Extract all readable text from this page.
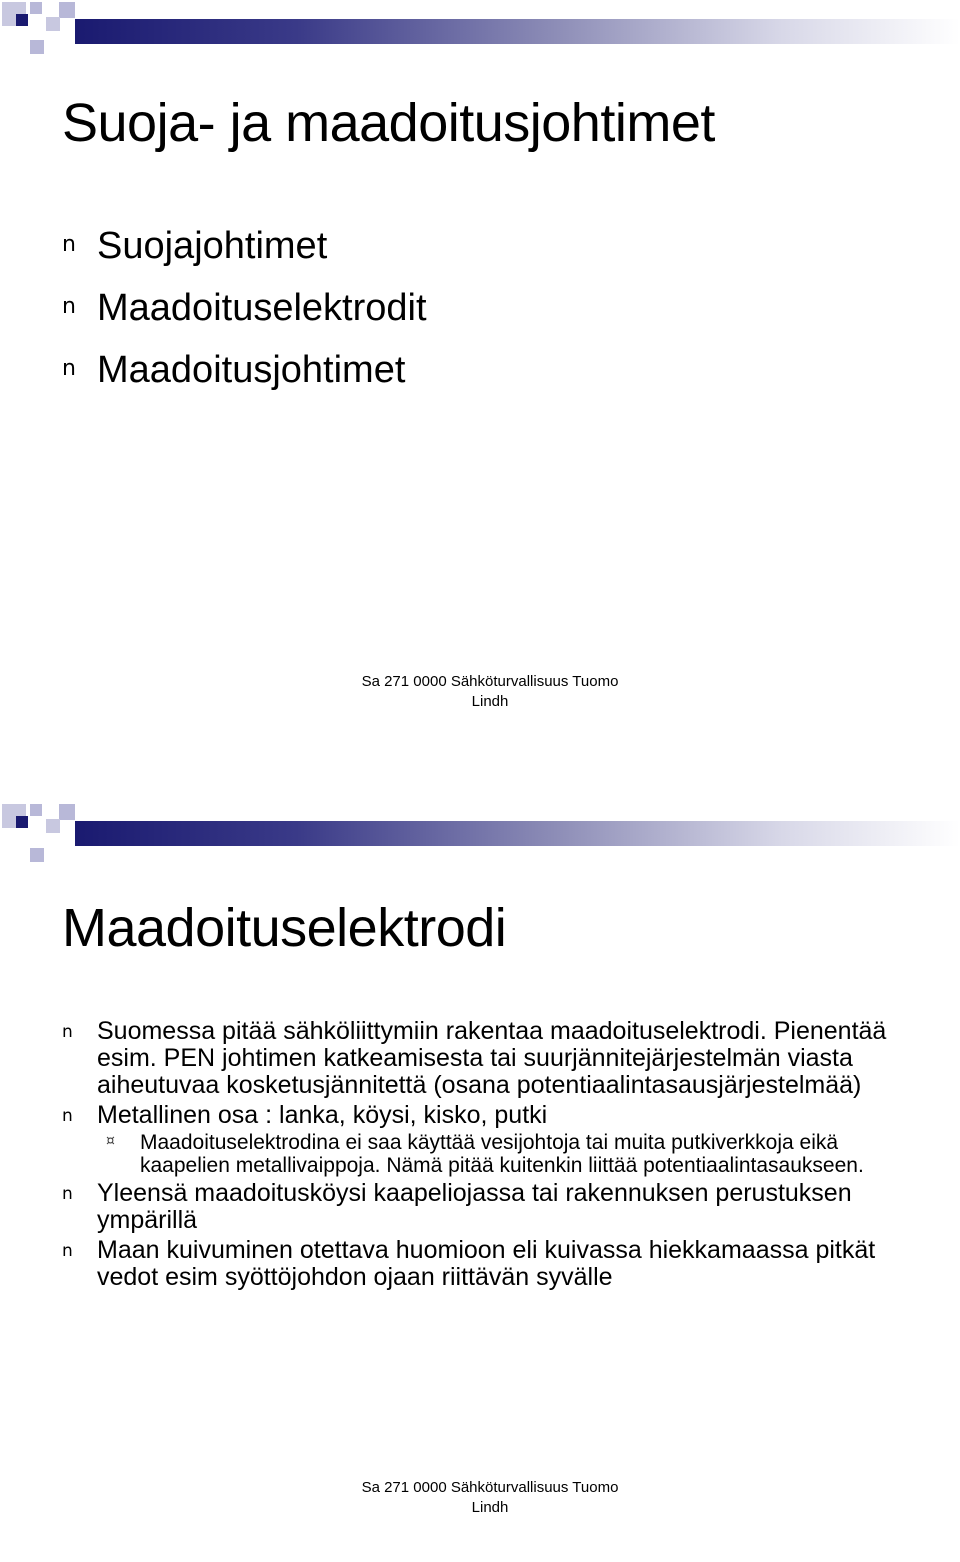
Suoja- ja maadoitusjohtimet
n Suojajohtimet
n Maadoituselektrodit
n Maadoitusjohtimet
Sa 271 0000 Sähköturvallisuus Tuomo
Lindh
Maadoituselektrodi
n Suomessa pitää sähköliittymiin rakentaa maadoituselektrodi. Pienentää esim. PEN johtimen katkeamisesta tai suurjännitejärjestelmän viasta aiheutuvaa kosketusjännitettä (osana potentiaalintasausjärjestelmää)
n Metallinen osa : lanka, köysi, kisko, putki
¤ Maadoituselektrodina ei saa käyttää vesijohtoja tai muita putkiverkkoja eikä kaapelien metallivaippoja. Nämä pitää kuitenkin liittää potentiaalintasaukseen.
n Yleensä maadoitusköysi kaapeliojassa tai rakennuksen perustuksen ympärillä
n Maan kuivuminen otettava huomioon eli kuivassa hiekkamaassa pitkät vedot esim syöttöjohdon ojaan riittävän syvälle
Sa 271 0000 Sähköturvallisuus Tuomo
Lindh
